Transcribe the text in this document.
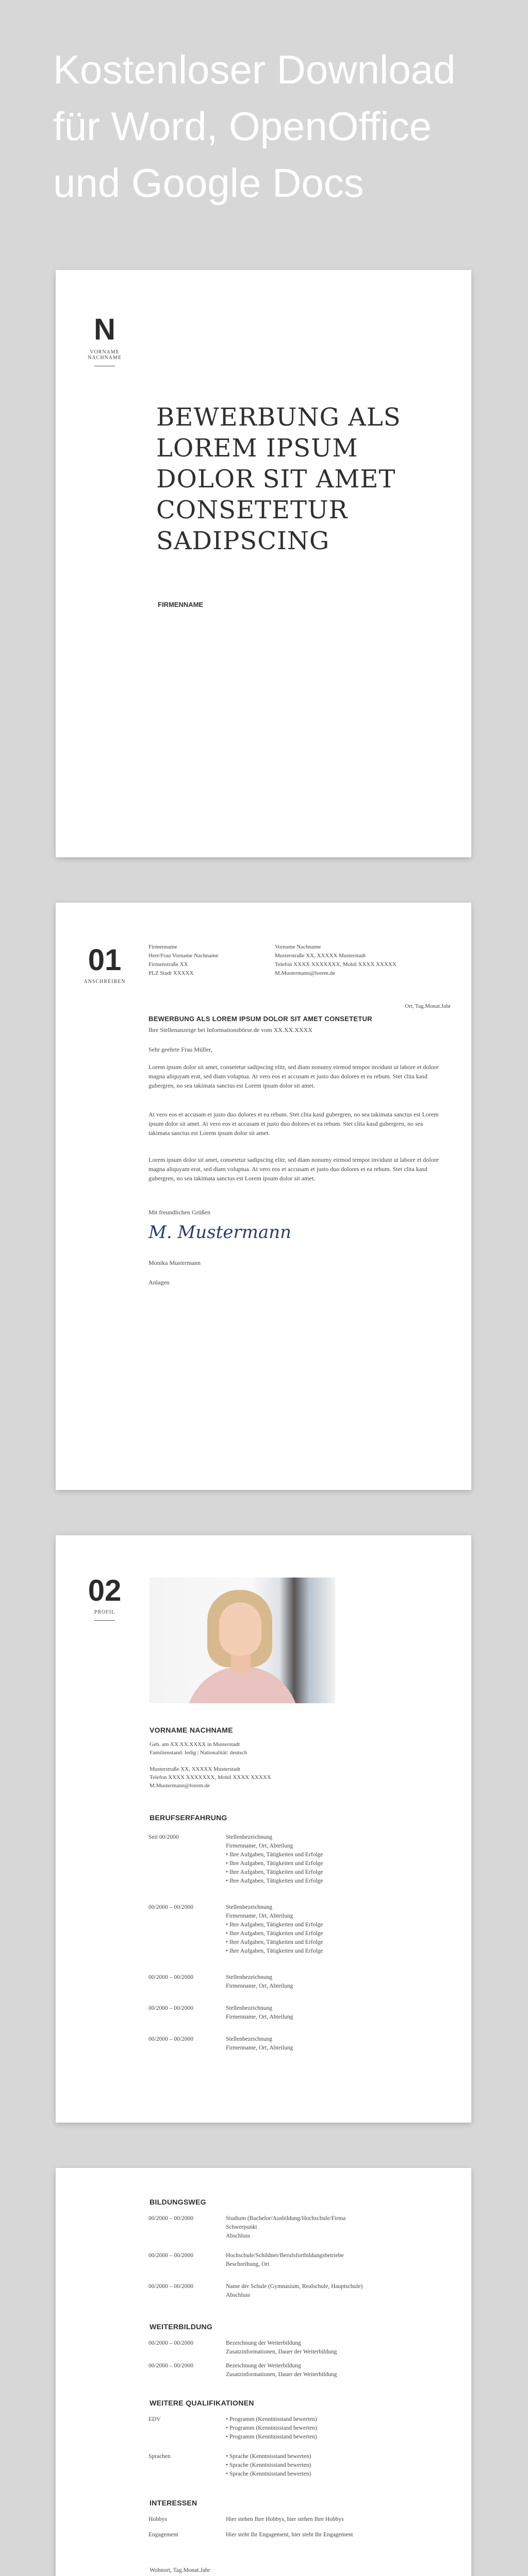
Kostenloser Download
für Word, OpenOffice
und Google Docs
N
VORNAME
NACHNAME
BEWERBUNG ALS
LOREM IPSUM
DOLOR SIT AMET
CONSETETUR
SADIPSCING
FIRMENNAME
01
ANSCHREIBEN
Firmenname
Herr/Frau Vorname Nachname
Firmenstraße XX
PLZ Stadt XXXXX
Vorname Nachname
Musterstraße XX, XXXXX Musterstadt
Telefon XXXX XXXXXXX, Mobil XXXX XXXXX
M.Mustermann@lorem.de
Ort, Tag.Monat.Jahr
BEWERBUNG ALS LOREM IPSUM DOLOR SIT AMET CONSETETUR
Ihre Stellenanzeige bei Informationsbörse.de vom XX.XX.XXXX
Sehr geehrte Frau Müller,
Lorem ipsum dolor sit amet, consetetur sadipscing elitr, sed diam nonumy eirmod tempor invidunt ut labore et dolore magna aliquyam erat, sed diam voluptua. At vero eos et accusam et justo duo dolores et ea rebum. Stet clita kasd gubergren, no sea takimata sanctus est Lorem ipsum dolor sit amet.
At vero eos et accusam et justo duo dolores et ea rebum. Stet clita kasd gubergren, no sea takimata sanctus est Lorem ipsum dolor sit amet. At vero eos et accusam et justo duo dolores et ea rebum. Stet clita kasd gubergren, no sea takimata sanctus est Lorem ipsum dolor sit amet.
Lorem ipsum dolor sit amet, consetetur sadipscing elitr, sed diam nonumy eirmod tempor invidunt ut labore et dolore magna aliquyam erat, sed diam voluptua. At vero eos et accusam et justo duo dolores et ea rebum. Stet clita kasd gubergren, no sea takimata sanctus est Lorem ipsum dolor sit amet.
Mit freundlichen Grüßen
M. Mustermann
Monika Mustermann
Anlagen
02
PROFIL
VORNAME NACHNAME
Geb. am XX.XX.XXXX in Musterstadt
Familienstand: ledig | Nationalität: deutsch
Musterstraße XX, XXXXX Musterstadt
Telefon XXXX XXXXXXX, Mobil XXXX XXXXX
M.Mustermann@lorem.de
BERUFSERFAHRUNG
Seit 00/2000	Stellenbezeichnung
Firmenname, Ort, Abteilung
• Ihre Aufgaben, Tätigkeiten und Erfolge
• Ihre Aufgaben, Tätigkeiten und Erfolge
• Ihre Aufgaben, Tätigkeiten und Erfolge
• Ihre Aufgaben, Tätigkeiten und Erfolge
00/2000 – 00/2000	Stellenbezeichnung
Firmenname, Ort, Abteilung
• Ihre Aufgaben, Tätigkeiten und Erfolge
• Ihre Aufgaben, Tätigkeiten und Erfolge
• Ihre Aufgaben, Tätigkeiten und Erfolge
• Ihre Aufgaben, Tätigkeiten und Erfolge
00/2000 – 00/2000	Stellenbezeichnung
Firmenname, Ort, Abteilung
00/2000 – 00/2000	Stellenbezeichnung
Firmenname, Ort, Abteilung
00/2000 – 00/2000	Stellenbezeichnung
Firmenname, Ort, Abteilung
BILDUNGSWEG
00/2000 – 00/2000	Studium (Bachelor/Ausbildung/Hochschule/Firma
Schwerpunkt
Abschluss
00/2000 – 00/2000	Hochschule/Schildner/Berufsfortbildungsbetriebe
Beschreibung, Ort
00/2000 – 00/2000	Name der Schule (Gymnasium, Realschule, Hauptschule)
Abschluss
WEITERBILDUNG
00/2000 – 00/2000	Bezeichnung der Weiterbildung
Zusatzinformationen, Dauer der Weiterbildung
00/2000 – 00/2000	Bezeichnung der Weiterbildung
Zusatzinformationen, Dauer der Weiterbildung
WEITERE QUALIFIKATIONEN
EDV	• Programm (Kenntnisstand bewerten)
• Programm (Kenntnisstand bewerten)
• Programm (Kenntnisstand bewerten)
Sprachen	• Sprache (Kenntnisstand bewerten)
• Sprache (Kenntnisstand bewerten)
• Sprache (Kenntnisstand bewerten)
INTERESSEN
Hobbys	Hier stehen Ihre Hobbys, hier stehen Ihre Hobbys
Engagement	Hier steht Ihr Engagement, hier steht Ihr Engagement
Wohnort, Tag.Monat.Jahr
